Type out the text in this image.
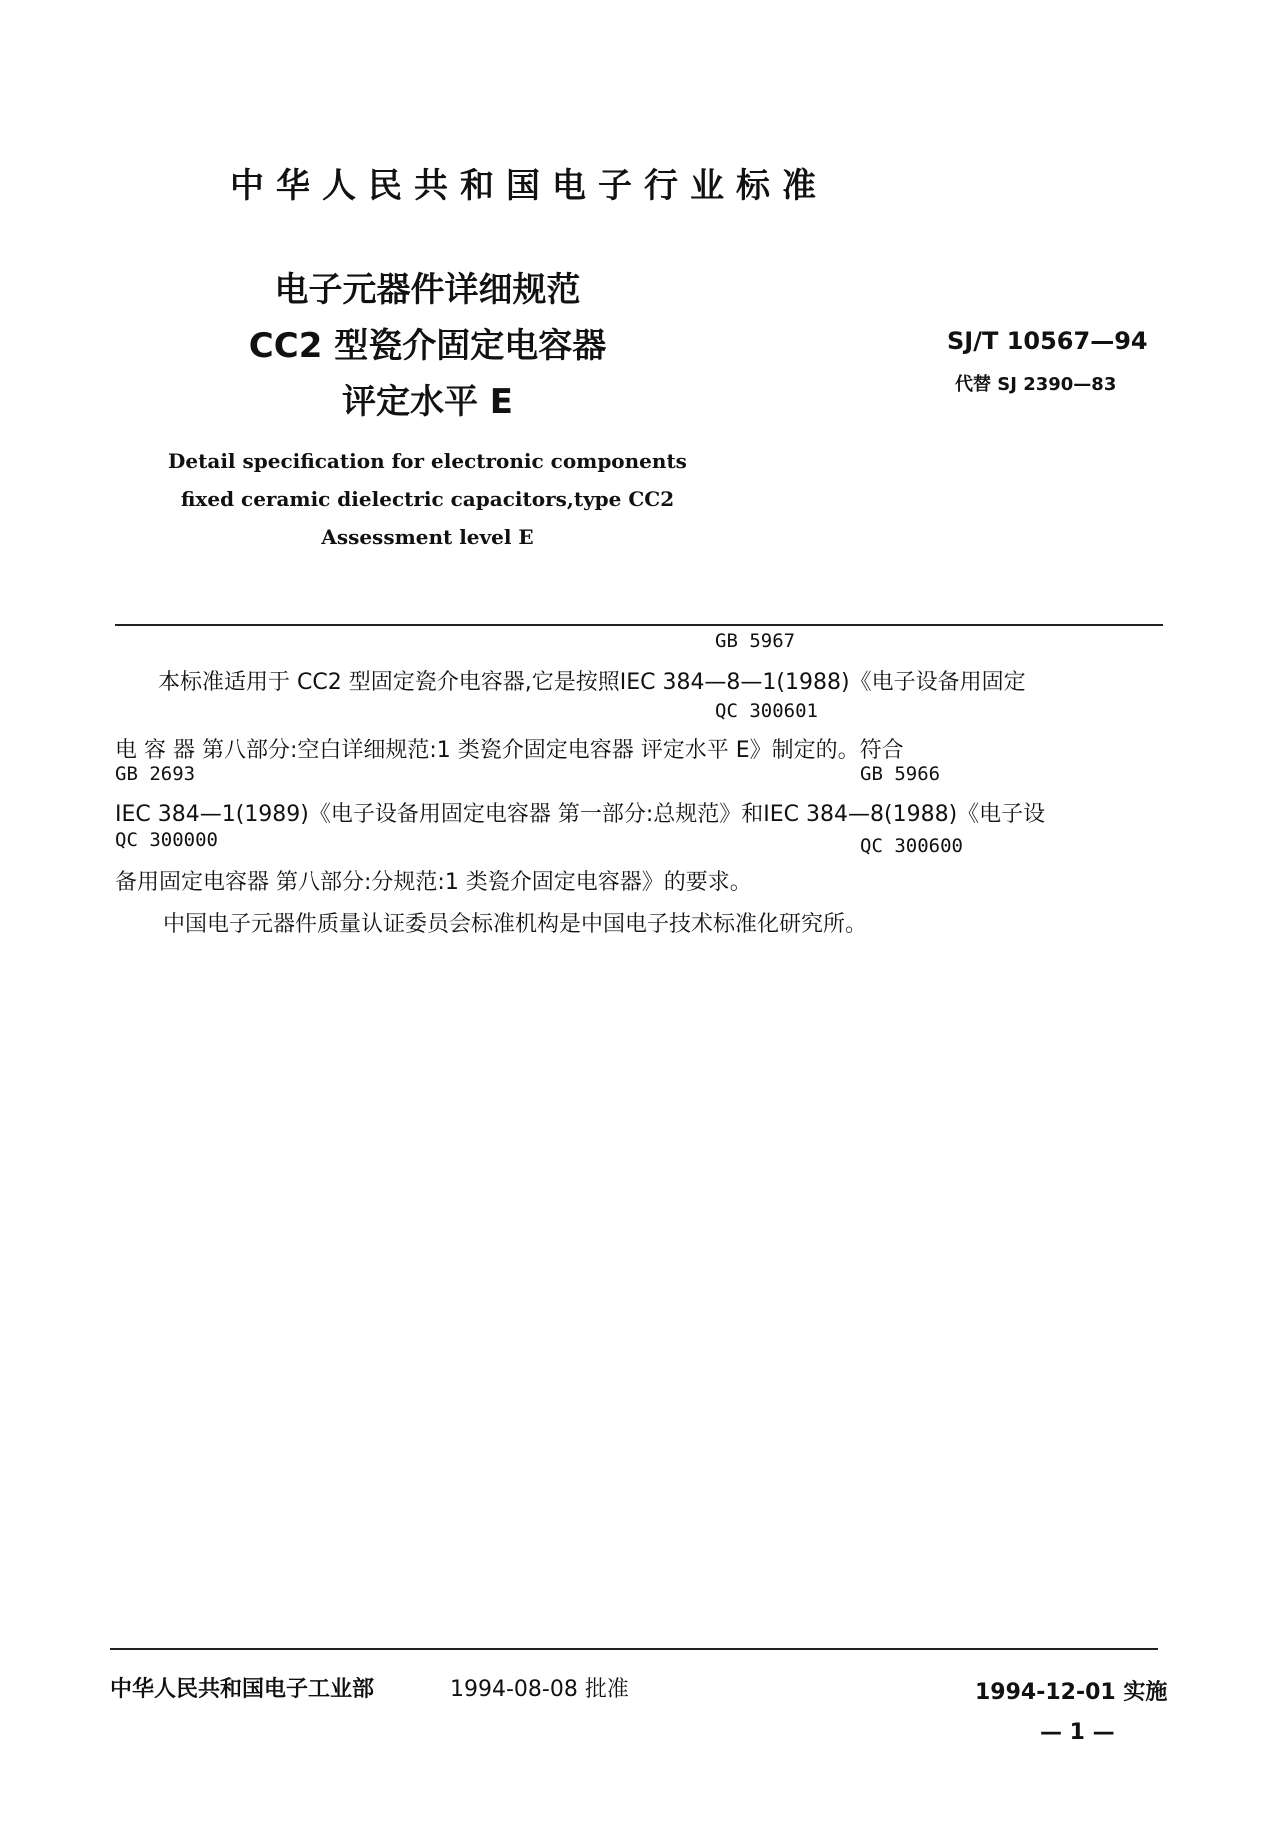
中华人民共和国电子行业标准
电子元器件详细规范
CC2 型瓷介固定电容器
评定水平 E
SJ/T 10567—94
代替 SJ 2390—83
Detail specification for electronic components
fixed ceramic dielectric capacitors,type CC2
Assessment level E
GB 5967
本标准适用于 CC2 型固定瓷介电容器,它是按照IEC 384—8—1(1988)《电子设备用固定
QC 300601
电 容 器 第八部分:空白详细规范:1 类瓷介固定电容器 评定水平 E》制定的。符合
GB 2693	GB 5966
IEC 384—1(1989)《电子设备用固定电容器 第一部分:总规范》和IEC 384—8(1988)《电子设
QC 300000	QC 300600
备用固定电容器 第八部分:分规范:1 类瓷介固定电容器》的要求。
中国电子元器件质量认证委员会标准机构是中国电子技术标准化研究所。
中华人民共和国电子工业部	1994-08-08 批准	1994-12-01 实施
— 1 —
